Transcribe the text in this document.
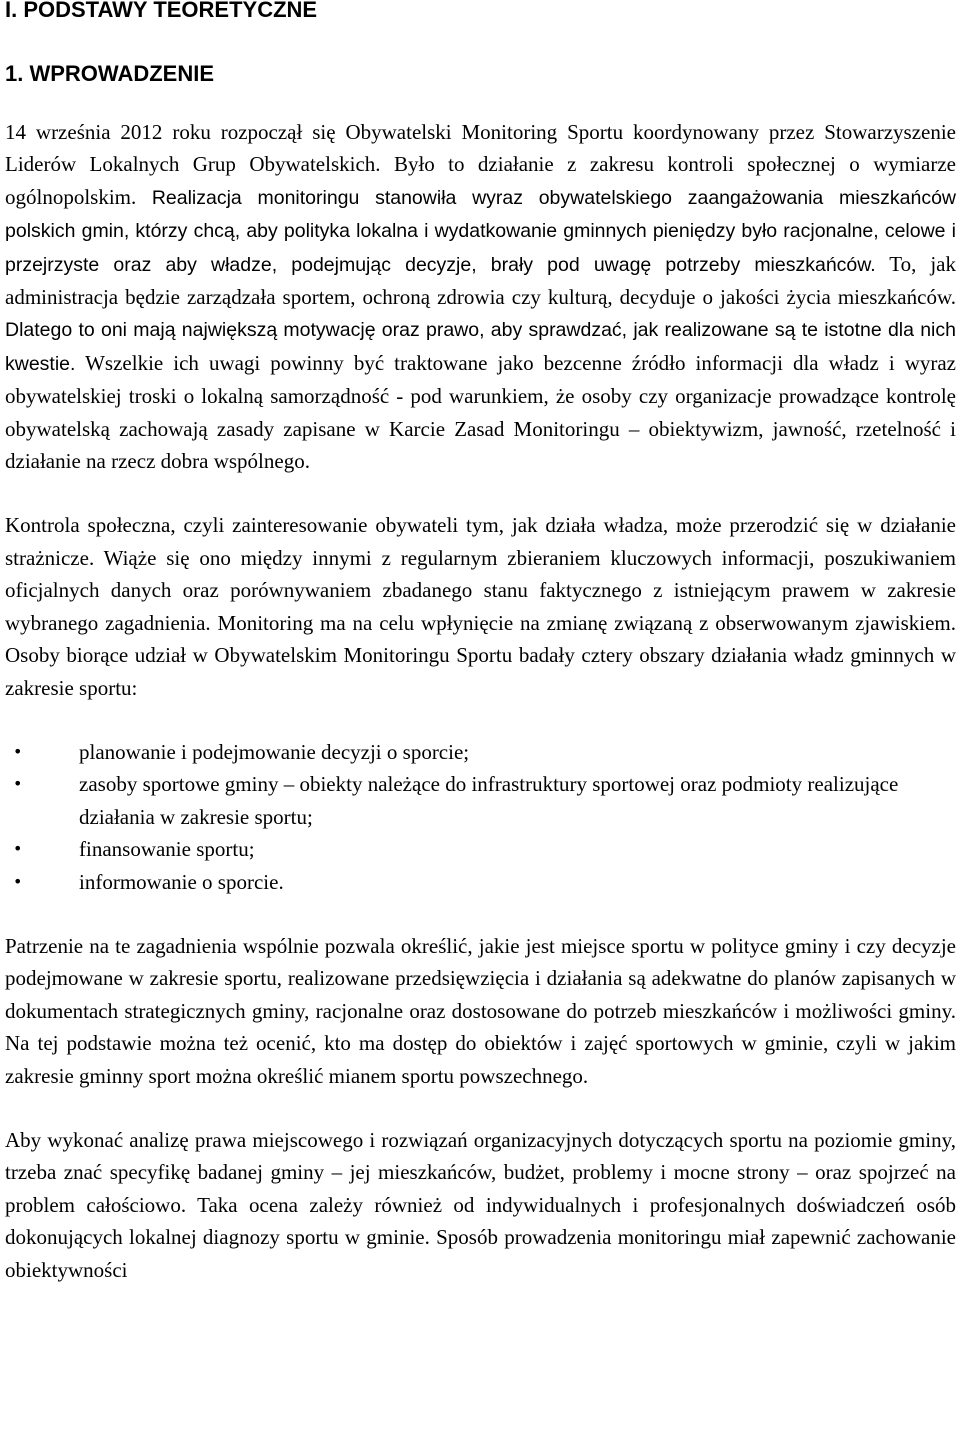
I. PODSTAWY TEORETYCZNE
1. WPROWADZENIE

14 września 2012 roku rozpoczął się Obywatelski Monitoring Sportu koordynowany przez Stowarzyszenie Liderów Lokalnych Grup Obywatelskich. Było to działanie z zakresu kontroli społecznej o wymiarze ogólnopolskim. Realizacja monitoringu stanowiła wyraz obywatelskiego zaangażowania mieszkańców polskich gmin, którzy chcą, aby polityka lokalna i wydatkowanie gminnych pieniędzy było racjonalne, celowe i przejrzyste oraz aby władze, podejmując decyzje, brały pod uwagę potrzeby mieszkańców. To, jak administracja będzie zarządzała sportem, ochroną zdrowia czy kulturą, decyduje o jakości życia mieszkańców. Dlatego to oni mają największą motywację oraz prawo, aby sprawdzać, jak realizowane są te istotne dla nich kwestie. Wszelkie ich uwagi powinny być traktowane jako bezcenne źródło informacji dla władz i wyraz obywatelskiej troski o lokalną samorządność - pod warunkiem, że osoby czy organizacje prowadzące kontrolę obywatelską zachowają zasady zapisane w Karcie Zasad Monitoringu – obiektywizm, jawność, rzetelność i działanie na rzecz dobra wspólnego.

Kontrola społeczna, czyli zainteresowanie obywateli tym, jak działa władza, może przerodzić się w działanie strażnicze. Wiąże się ono między innymi z regularnym zbieraniem kluczowych informacji, poszukiwaniem oficjalnych danych oraz porównywaniem zbadanego stanu faktycznego z istniejącym prawem w zakresie wybranego zagadnienia. Monitoring ma na celu wpłynięcie na zmianę związaną z obserwowanym zjawiskiem. Osoby biorące udział w Obywatelskim Monitoringu Sportu badały cztery obszary działania władz gminnych w zakresie sportu:

•	planowanie i podejmowanie decyzji o sporcie;
•	zasoby sportowe gminy – obiekty należące do infrastruktury sportowej oraz podmioty realizujące działania w zakresie sportu;
•	finansowanie sportu;
•	informowanie o sporcie.

Patrzenie na te zagadnienia wspólnie pozwala określić, jakie jest miejsce sportu w polityce gminy i czy decyzje podejmowane w zakresie sportu, realizowane przedsięwzięcia i działania są adekwatne do planów zapisanych w dokumentach strategicznych gminy, racjonalne oraz dostosowane do potrzeb mieszkańców i możliwości gminy. Na tej podstawie można też ocenić, kto ma dostęp do obiektów i zajęć sportowych w gminie, czyli w jakim zakresie gminny sport można określić mianem sportu powszechnego.

Aby wykonać analizę prawa miejscowego i rozwiązań organizacyjnych dotyczących sportu na poziomie gminy, trzeba znać specyfikę badanej gminy – jej mieszkańców, budżet, problemy i mocne strony – oraz spojrzeć na problem całościowo. Taka ocena zależy również od indywidualnych i profesjonalnych doświadczeń osób dokonujących lokalnej diagnozy sportu w gminie. Sposób prowadzenia monitoringu miał zapewnić zachowanie obiektywności
